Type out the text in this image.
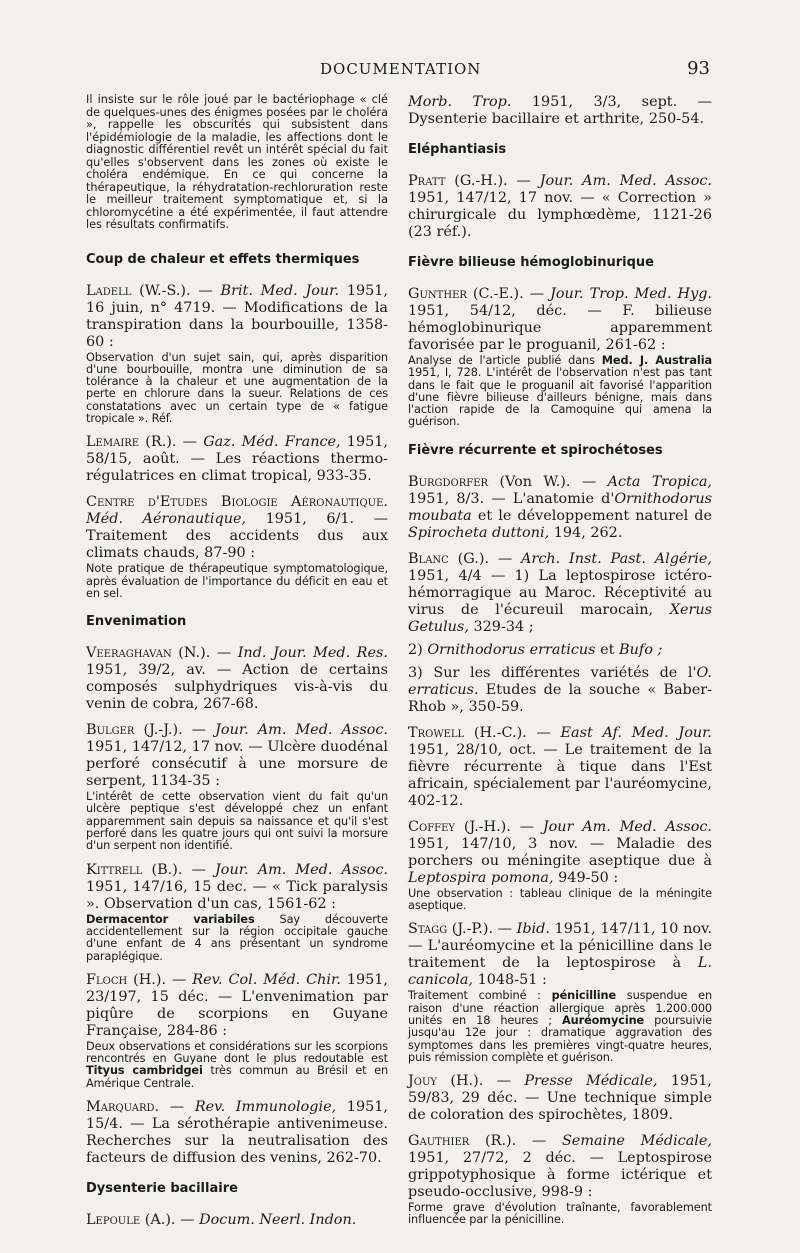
DOCUMENTATION	93

Il insiste sur le rôle joué par le bactériophage « clé de quelques-unes des énigmes posées par le choléra », rappelle les obscurités qui subsistent dans l'épidémiologie de la maladie, les affections dont le diagnostic différentiel revêt un intérêt spécial du fait qu'elles s'observent dans les zones où existe le choléra endémique. En ce qui concerne la thérapeutique, la réhydratation-rechloruration reste le meilleur traitement symptomatique et, si la chloromycétine a été expérimentée, il faut attendre les résultats confirmatifs.

Coup de chaleur et effets thermiques

Ladell (W.-S.). — Brit. Med. Jour. 1951, 16 juin, n° 4719. — Modifications de la transpiration dans la bourbouille, 1358-60 :

Observation d'un sujet sain, qui, après disparition d'une bourbouille, montra une diminution de sa tolérance à la chaleur et une augmentation de la perte en chlorure dans la sueur. Relations de ces constatations avec un certain type de « fatigue tropicale ». Réf.

Lemaire (R.). — Gaz. Méd. France, 1951, 58/15, août. — Les réactions thermo-régulatrices en climat tropical, 933-35.

Centre d'Etudes Biologie Aéronautique. Méd. Aéronautique, 1951, 6/1. — Traitement des accidents dus aux climats chauds, 87-90 :

Note pratique de thérapeutique symptomatologique, après évaluation de l'importance du déficit en eau et en sel.

Envenimation

Veeraghavan (N.). — Ind. Jour. Med. Res. 1951, 39/2, av. — Action de certains composés sulphydriques vis-à-vis du venin de cobra, 267-68.

Bulger (J.-J.). — Jour. Am. Med. Assoc. 1951, 147/12, 17 nov. — Ulcère duodénal perforé consécutif à une morsure de serpent, 1134-35 :

L'intérêt de cette observation vient du fait qu'un ulcère peptique s'est développé chez un enfant apparemment sain depuis sa naissance et qu'il s'est perforé dans les quatre jours qui ont suivi la morsure d'un serpent non identifié.

Kittrell (B.). — Jour. Am. Med. Assoc. 1951, 147/16, 15 dec. — « Tick paralysis ». Observation d'un cas, 1561-62 :

Dermacentor variabiles Say découverte accidentellement sur la région occipitale gauche d'une enfant de 4 ans présentant un syndrome paraplégique.

Floch (H.). — Rev. Col. Méd. Chir. 1951, 23/197, 15 déc. — L'envenimation par piqûre de scorpions en Guyane Française, 284-86 :

Deux observations et considérations sur les scorpions rencontrés en Guyane dont le plus redoutable est Tityus cambridgei très commun au Brésil et en Amérique Centrale.

Marquard. — Rev. Immunologie, 1951, 15/4. — La sérothérapie antivenimeuse. Recherches sur la neutralisation des facteurs de diffusion des venins, 262-70.

Dysenterie bacillaire

Lepoule (A.). — Docum. Neerl. Indon.

Morb. Trop. 1951, 3/3, sept. — Dysenterie bacillaire et arthrite, 250-54.

Eléphantiasis

Pratt (G.-H.). — Jour. Am. Med. Assoc. 1951, 147/12, 17 nov. — « Correction » chirurgicale du lymphœdème, 1121-26 (23 réf.).

Fièvre bilieuse hémoglobinurique

Gunther (C.-E.). — Jour. Trop. Med. Hyg. 1951, 54/12, déc. — F. bilieuse hémoglobinurique apparemment favorisée par le proguanil, 261-62 :

Analyse de l'article publié dans Med. J. Australia 1951, I, 728. L'intérêt de l'observation n'est pas tant dans le fait que le proguanil ait favorisé l'apparition d'une fièvre bilieuse d'ailleurs bénigne, mais dans l'action rapide de la Camoquine qui amena la guérison.

Fièvre récurrente et spirochétoses

Burgdorfer (Von W.). — Acta Tropica, 1951, 8/3. — L'anatomie d'Ornithodorus moubata et le développement naturel de Spirocheta duttoni, 194, 262.

Blanc (G.). — Arch. Inst. Past. Algérie, 1951, 4/4 — 1) La leptospirose ictéro-hémorragique au Maroc. Réceptivité au virus de l'écureuil marocain, Xerus Getulus, 329-34 ;

2) Ornithodorus erraticus et Bufo ;

3) Sur les différentes variétés de l'O. erraticus. Etudes de la souche « Baber-Rhob », 350-59.

Trowell (H.-C.). — East Af. Med. Jour. 1951, 28/10, oct. — Le traitement de la fièvre récurrente à tique dans l'Est africain, spécialement par l'auréomycine, 402-12.

Coffey (J.-H.). — Jour Am. Med. Assoc. 1951, 147/10, 3 nov. — Maladie des porchers ou méningite aseptique due à Leptospira pomona, 949-50 :

Une observation : tableau clinique de la méningite aseptique.

Stagg (J.-P.). — Ibid. 1951, 147/11, 10 nov. — L'auréomycine et la pénicilline dans le traitement de la leptospirose à L. canicola, 1048-51 :

Traitement combiné : pénicilline suspendue en raison d'une réaction allergique après 1.200.000 unités en 18 heures ; Auréomycine poursuivie jusqu'au 12e jour : dramatique aggravation des symptomes dans les premières vingt-quatre heures, puis rémission complète et guérison.

Jouy (H.). — Presse Médicale, 1951, 59/83, 29 déc. — Une technique simple de coloration des spirochètes, 1809.

Gauthier (R.). — Semaine Médicale, 1951, 27/72, 2 déc. — Leptospirose grippotyphosique à forme ictérique et pseudo-occlusive, 998-9 :

Forme grave d'évolution traînante, favorablement influencée par la pénicilline.
